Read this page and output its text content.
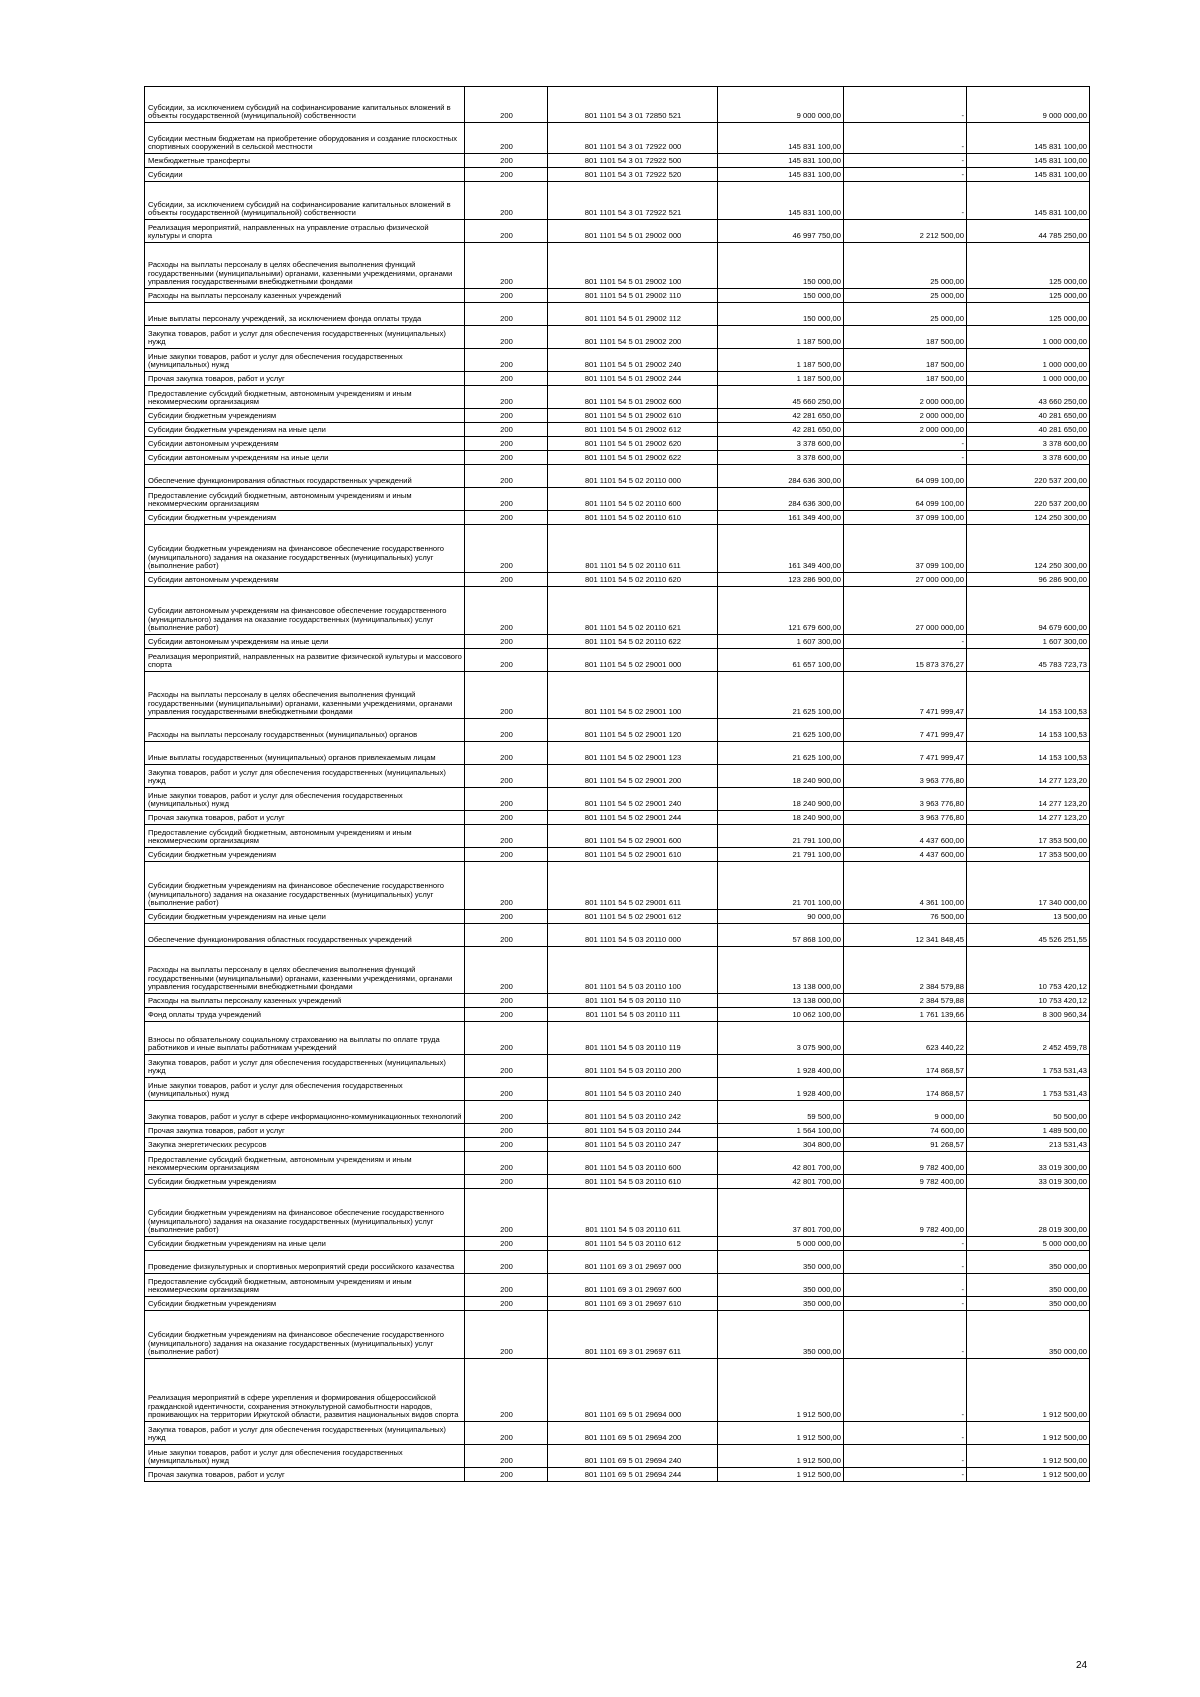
Субсидии, за исключением субсидий на софинансирование капитальных вложений в объекты государственной (муниципальной) собственности	200	801 1101 54 3 01 72850 521	9 000 000,00	-	9 000 000,00
Субсидии местным бюджетам на приобретение оборудования и создание плоскостных спортивных сооружений в сельской местности	200	801 1101 54 3 01 72922 000	145 831 100,00	-	145 831 100,00
Межбюджетные трансферты	200	801 1101 54 3 01 72922 500	145 831 100,00	-	145 831 100,00
Субсидии	200	801 1101 54 3 01 72922 520	145 831 100,00	-	145 831 100,00
Субсидии, за исключением субсидий на софинансирование капитальных вложений в объекты государственной (муниципальной) собственности	200	801 1101 54 3 01 72922 521	145 831 100,00	-	145 831 100,00
Реализация мероприятий, направленных на управление отраслью физической культуры и спорта	200	801 1101 54 5 01 29002 000	46 997 750,00	2 212 500,00	44 785 250,00
Расходы на выплаты персоналу в целях обеспечения выполнения функций государственными (муниципальными) органами, казенными учреждениями, органами управления государственными внебюджетными фондами	200	801 1101 54 5 01 29002 100	150 000,00	25 000,00	125 000,00
Расходы на выплаты персоналу казенных учреждений	200	801 1101 54 5 01 29002 110	150 000,00	25 000,00	125 000,00
Иные выплаты персоналу учреждений, за исключением фонда оплаты труда	200	801 1101 54 5 01 29002 112	150 000,00	25 000,00	125 000,00
Закупка товаров, работ и услуг для обеспечения государственных (муниципальных) нужд	200	801 1101 54 5 01 29002 200	1 187 500,00	187 500,00	1 000 000,00
Иные закупки товаров, работ и услуг для обеспечения государственных (муниципальных) нужд	200	801 1101 54 5 01 29002 240	1 187 500,00	187 500,00	1 000 000,00
Прочая закупка товаров, работ и услуг	200	801 1101 54 5 01 29002 244	1 187 500,00	187 500,00	1 000 000,00
Предоставление субсидий бюджетным, автономным учреждениям и иным некоммерческим организациям	200	801 1101 54 5 01 29002 600	45 660 250,00	2 000 000,00	43 660 250,00
Субсидии бюджетным учреждениям	200	801 1101 54 5 01 29002 610	42 281 650,00	2 000 000,00	40 281 650,00
Субсидии бюджетным учреждениям на иные цели	200	801 1101 54 5 01 29002 612	42 281 650,00	2 000 000,00	40 281 650,00
Субсидии автономным учреждениям	200	801 1101 54 5 01 29002 620	3 378 600,00	-	3 378 600,00
Субсидии автономным учреждениям на иные цели	200	801 1101 54 5 01 29002 622	3 378 600,00	-	3 378 600,00
Обеспечение функционирования областных государственных учреждений	200	801 1101 54 5 02 20110 000	284 636 300,00	64 099 100,00	220 537 200,00
Предоставление субсидий бюджетным, автономным учреждениям и иным некоммерческим организациям	200	801 1101 54 5 02 20110 600	284 636 300,00	64 099 100,00	220 537 200,00
Субсидии бюджетным учреждениям	200	801 1101 54 5 02 20110 610	161 349 400,00	37 099 100,00	124 250 300,00
Субсидии бюджетным учреждениям на финансовое обеспечение государственного (муниципального) задания на оказание государственных (муниципальных) услуг (выполнение работ)	200	801 1101 54 5 02 20110 611	161 349 400,00	37 099 100,00	124 250 300,00
Субсидии автономным учреждениям	200	801 1101 54 5 02 20110 620	123 286 900,00	27 000 000,00	96 286 900,00
Субсидии автономным учреждениям на финансовое обеспечение государственного (муниципального) задания на оказание государственных (муниципальных) услуг (выполнение работ)	200	801 1101 54 5 02 20110 621	121 679 600,00	27 000 000,00	94 679 600,00
Субсидии автономным учреждениям на иные цели	200	801 1101 54 5 02 20110 622	1 607 300,00	-	1 607 300,00
Реализация мероприятий, направленных на развитие физической культуры и массового спорта	200	801 1101 54 5 02 29001 000	61 657 100,00	15 873 376,27	45 783 723,73
Расходы на выплаты персоналу в целях обеспечения выполнения функций государственными (муниципальными) органами, казенными учреждениями, органами управления государственными внебюджетными фондами	200	801 1101 54 5 02 29001 100	21 625 100,00	7 471 999,47	14 153 100,53
Расходы на выплаты персоналу государственных (муниципальных) органов	200	801 1101 54 5 02 29001 120	21 625 100,00	7 471 999,47	14 153 100,53
Иные выплаты государственных (муниципальных) органов привлекаемым лицам	200	801 1101 54 5 02 29001 123	21 625 100,00	7 471 999,47	14 153 100,53
Закупка товаров, работ и услуг для обеспечения государственных (муниципальных) нужд	200	801 1101 54 5 02 29001 200	18 240 900,00	3 963 776,80	14 277 123,20
Иные закупки товаров, работ и услуг для обеспечения государственных (муниципальных) нужд	200	801 1101 54 5 02 29001 240	18 240 900,00	3 963 776,80	14 277 123,20
Прочая закупка товаров, работ и услуг	200	801 1101 54 5 02 29001 244	18 240 900,00	3 963 776,80	14 277 123,20
Предоставление субсидий бюджетным, автономным учреждениям и иным некоммерческим организациям	200	801 1101 54 5 02 29001 600	21 791 100,00	4 437 600,00	17 353 500,00
Субсидии бюджетным учреждениям	200	801 1101 54 5 02 29001 610	21 791 100,00	4 437 600,00	17 353 500,00
Субсидии бюджетным учреждениям на финансовое обеспечение государственного (муниципального) задания на оказание государственных (муниципальных) услуг (выполнение работ)	200	801 1101 54 5 02 29001 611	21 701 100,00	4 361 100,00	17 340 000,00
Субсидии бюджетным учреждениям на иные цели	200	801 1101 54 5 02 29001 612	90 000,00	76 500,00	13 500,00
Обеспечение функционирования областных государственных учреждений	200	801 1101 54 5 03 20110 000	57 868 100,00	12 341 848,45	45 526 251,55
Расходы на выплаты персоналу в целях обеспечения выполнения функций государственными (муниципальными) органами, казенными учреждениями, органами управления государственными внебюджетными фондами	200	801 1101 54 5 03 20110 100	13 138 000,00	2 384 579,88	10 753 420,12
Расходы на выплаты персоналу казенных учреждений	200	801 1101 54 5 03 20110 110	13 138 000,00	2 384 579,88	10 753 420,12
Фонд оплаты труда учреждений	200	801 1101 54 5 03 20110 111	10 062 100,00	1 761 139,66	8 300 960,34
Взносы по обязательному социальному страхованию на выплаты по оплате труда работников и иные выплаты работникам учреждений	200	801 1101 54 5 03 20110 119	3 075 900,00	623 440,22	2 452 459,78
Закупка товаров, работ и услуг для обеспечения государственных (муниципальных) нужд	200	801 1101 54 5 03 20110 200	1 928 400,00	174 868,57	1 753 531,43
Иные закупки товаров, работ и услуг для обеспечения государственных (муниципальных) нужд	200	801 1101 54 5 03 20110 240	1 928 400,00	174 868,57	1 753 531,43
Закупка товаров, работ и услуг в сфере информационно-коммуникационных технологий	200	801 1101 54 5 03 20110 242	59 500,00	9 000,00	50 500,00
Прочая закупка товаров, работ и услуг	200	801 1101 54 5 03 20110 244	1 564 100,00	74 600,00	1 489 500,00
Закупка энергетических ресурсов	200	801 1101 54 5 03 20110 247	304 800,00	91 268,57	213 531,43
Предоставление субсидий бюджетным, автономным учреждениям и иным некоммерческим организациям	200	801 1101 54 5 03 20110 600	42 801 700,00	9 782 400,00	33 019 300,00
Субсидии бюджетным учреждениям	200	801 1101 54 5 03 20110 610	42 801 700,00	9 782 400,00	33 019 300,00
Субсидии бюджетным учреждениям на финансовое обеспечение государственного (муниципального) задания на оказание государственных (муниципальных) услуг (выполнение работ)	200	801 1101 54 5 03 20110 611	37 801 700,00	9 782 400,00	28 019 300,00
Субсидии бюджетным учреждениям на иные цели	200	801 1101 54 5 03 20110 612	5 000 000,00	-	5 000 000,00
Проведение физкультурных и спортивных мероприятий среди российского казачества	200	801 1101 69 3 01 29697 000	350 000,00	-	350 000,00
Предоставление субсидий бюджетным, автономным учреждениям и иным некоммерческим организациям	200	801 1101 69 3 01 29697 600	350 000,00	-	350 000,00
Субсидии бюджетным учреждениям	200	801 1101 69 3 01 29697 610	350 000,00	-	350 000,00
Субсидии бюджетным учреждениям на финансовое обеспечение государственного (муниципального) задания на оказание государственных (муниципальных) услуг (выполнение работ)	200	801 1101 69 3 01 29697 611	350 000,00	-	350 000,00
Реализация мероприятий в сфере укрепления и формирования общероссийской гражданской идентичности, сохранения этнокультурной самобытности народов, проживающих на территории Иркутской области, развития национальных видов спорта	200	801 1101 69 5 01 29694 000	1 912 500,00	-	1 912 500,00
Закупка товаров, работ и услуг для обеспечения государственных (муниципальных) нужд	200	801 1101 69 5 01 29694 200	1 912 500,00	-	1 912 500,00
Иные закупки товаров, работ и услуг для обеспечения государственных (муниципальных) нужд	200	801 1101 69 5 01 29694 240	1 912 500,00	-	1 912 500,00
Прочая закупка товаров, работ и услуг	200	801 1101 69 5 01 29694 244	1 912 500,00	-	1 912 500,00
24
